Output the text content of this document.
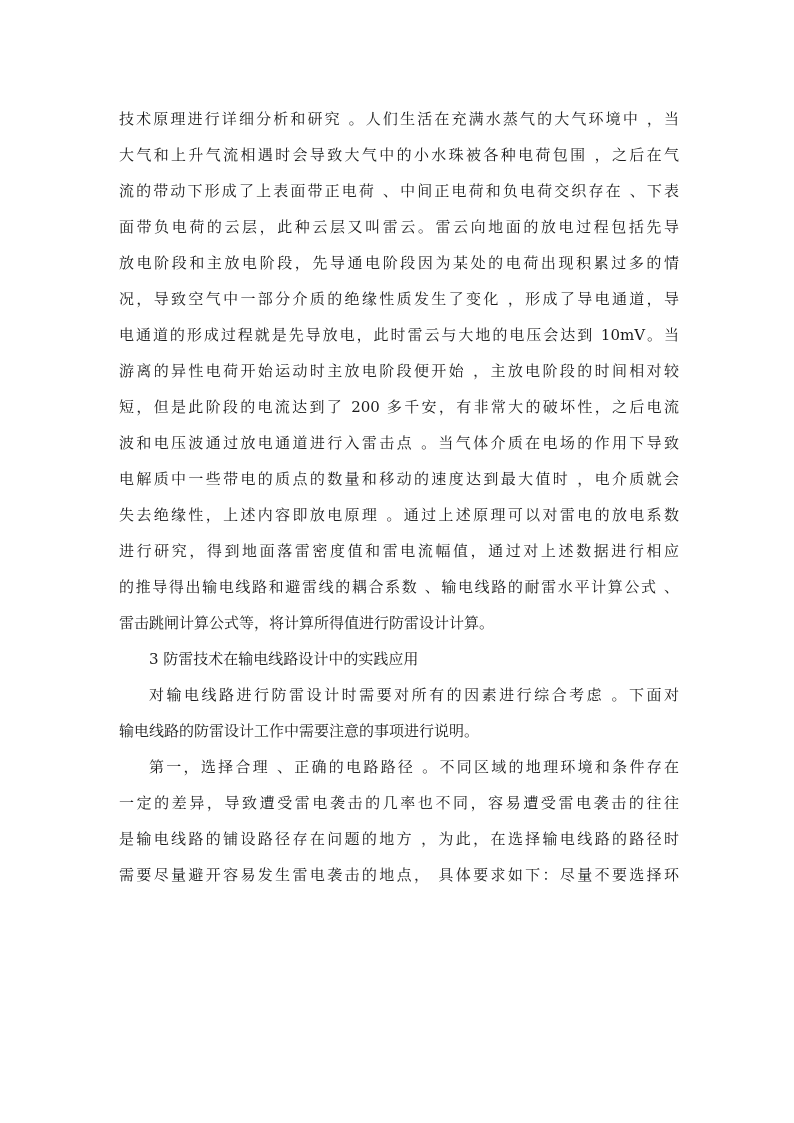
技术原理进行详细分析和研究 。人们生活在充满水蒸气的大气环境中 ，当
大气和上升气流相遇时会导致大气中的小水珠被各种电荷包围 ，之后在气
流的带动下形成了上表面带正电荷 、中间正电荷和负电荷交织存在 、下表
面带负电荷的云层，此种云层又叫雷云。雷云向地面的放电过程包括先导
放电阶段和主放电阶段，先导通电阶段因为某处的电荷出现积累过多的情
况，导致空气中一部分介质的绝缘性质发生了变化 ，形成了导电通道，导
电通道的形成过程就是先导放电，此时雷云与大地的电压会达到 10mV。当
游离的异性电荷开始运动时主放电阶段便开始 ，主放电阶段的时间相对较
短，但是此阶段的电流达到了 200 多千安，有非常大的破坏性，之后电流
波和电压波通过放电通道进行入雷击点 。当气体介质在电场的作用下导致
电解质中一些带电的质点的数量和移动的速度达到最大值时 ，电介质就会
失去绝缘性，上述内容即放电原理 。通过上述原理可以对雷电的放电系数
进行研究，得到地面落雷密度值和雷电流幅值，通过对上述数据进行相应
的推导得出输电线路和避雷线的耦合系数 、输电线路的耐雷水平计算公式 、
雷击跳闸计算公式等，将计算所得值进行防雷设计计算。
3 防雷技术在输电线路设计中的实践应用
对输电线路进行防雷设计时需要对所有的因素进行综合考虑 。下面对
输电线路的防雷设计工作中需要注意的事项进行说明。
第一，选择合理 、正确的电路路径 。不同区域的地理环境和条件存在
一定的差异，导致遭受雷电袭击的几率也不同，容易遭受雷电袭击的往往
是输电线路的铺设路径存在问题的地方 ，为此，在选择输电线路的路径时
需要尽量避开容易发生雷电袭击的地点， 具体要求如下：尽量不要选择环
